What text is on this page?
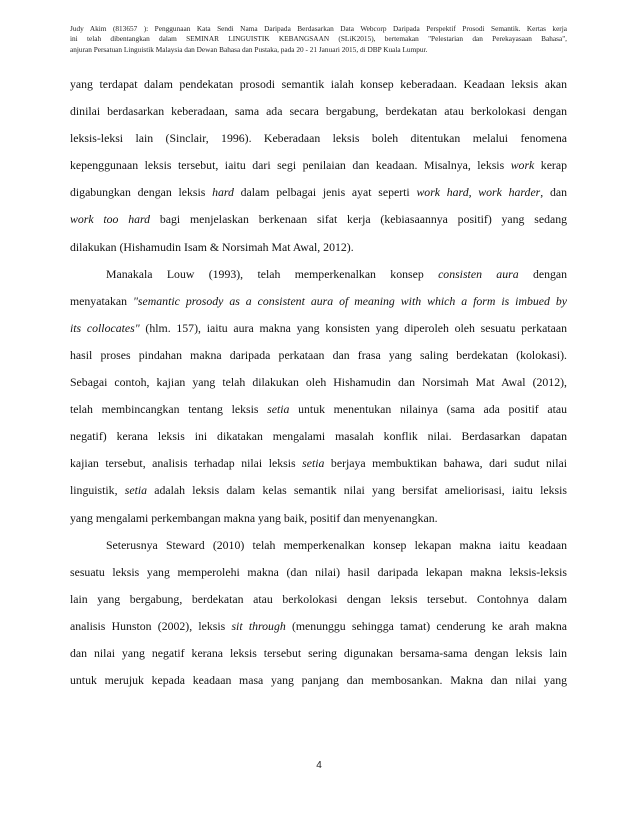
Judy Akim (813657 ): Penggunaan Kata Sendi Nama Daripada Berdasarkan Data Webcorp Daripada Perspektif Prosodi Semantik. Kertas kerja
ini telah dibentangkan dalam SEMINAR LINGUISTIK KEBANGSAAN (SLiK2015), bertemakan "Pelestarian dan Perekayasaan Bahasa",
anjuran Persatuan Linguistik Malaysia dan Dewan Bahasa dan Pustaka, pada 20 - 21 Januari 2015, di DBP Kuala Lumpur.
yang terdapat dalam pendekatan prosodi semantik ialah konsep keberadaan. Keadaan leksis akan
dinilai berdasarkan keberadaan, sama ada secara bergabung, berdekatan atau berkolokasi dengan
leksis-leksi lain (Sinclair, 1996). Keberadaan leksis boleh ditentukan melalui fenomena
kepenggunaan leksis tersebut, iaitu dari segi penilaian dan keadaan. Misalnya, leksis work kerap
digabungkan dengan leksis hard dalam pelbagai jenis ayat seperti work hard, work harder, dan
work too hard bagi menjelaskan berkenaan sifat kerja (kebiasaannya positif) yang sedang
dilakukan (Hishamudin Isam & Norsimah Mat Awal, 2012).
Manakala Louw (1993), telah memperkenalkan konsep consisten aura dengan
menyatakan "semantic prosody as a consistent aura of meaning with which a form is imbued by
its collocates" (hlm. 157), iaitu aura makna yang konsisten yang diperoleh oleh sesuatu perkataan
hasil proses pindahan makna daripada perkataan dan frasa yang saling berdekatan (kolokasi).
Sebagai contoh, kajian yang telah dilakukan oleh Hishamudin dan Norsimah Mat Awal (2012),
telah membincangkan tentang leksis setia untuk menentukan nilainya (sama ada positif atau
negatif) kerana leksis ini dikatakan mengalami masalah konflik nilai. Berdasarkan dapatan
kajian tersebut, analisis terhadap nilai leksis setia berjaya membuktikan bahawa, dari sudut nilai
linguistik, setia adalah leksis dalam kelas semantik nilai yang bersifat ameliorisasi, iaitu leksis
yang mengalami perkembangan makna yang baik, positif dan menyenangkan.
Seterusnya Steward (2010) telah memperkenalkan konsep lekapan makna iaitu keadaan
sesuatu leksis yang memperolehi makna (dan nilai) hasil daripada lekapan makna leksis-leksis
lain yang bergabung, berdekatan atau berkolokasi dengan leksis tersebut. Contohnya dalam
analisis Hunston (2002), leksis sit through (menunggu sehingga tamat) cenderung ke arah makna
dan nilai yang negatif kerana leksis tersebut sering digunakan bersama-sama dengan leksis lain
untuk merujuk kepada keadaan masa yang panjang dan membosankan. Makna dan nilai yang
4
